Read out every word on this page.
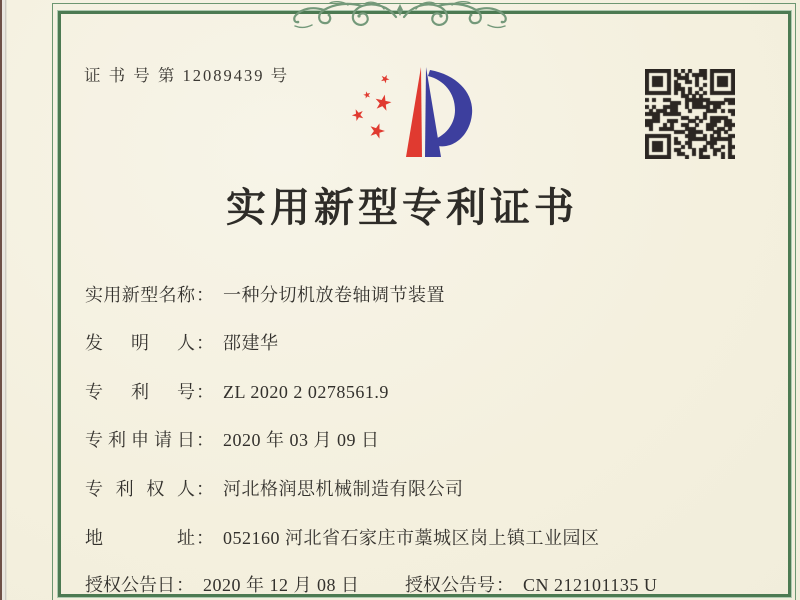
证 书 号 第 12089439 号
实用新型专利证书
实用新型名称 ： 一种分切机放卷轴调节装置
发明人 ： 邵建华
专利号 ： ZL 2020 2 0278561.9
专利申请日 ： 2020 年 03 月 09 日
专利权人 ： 河北格润思机械制造有限公司
地址 ： 052160 河北省石家庄市藁城区岗上镇工业园区
授权公告日 ： 2020 年 12 月 08 日	授权公告号 ： CN 212101135 U
